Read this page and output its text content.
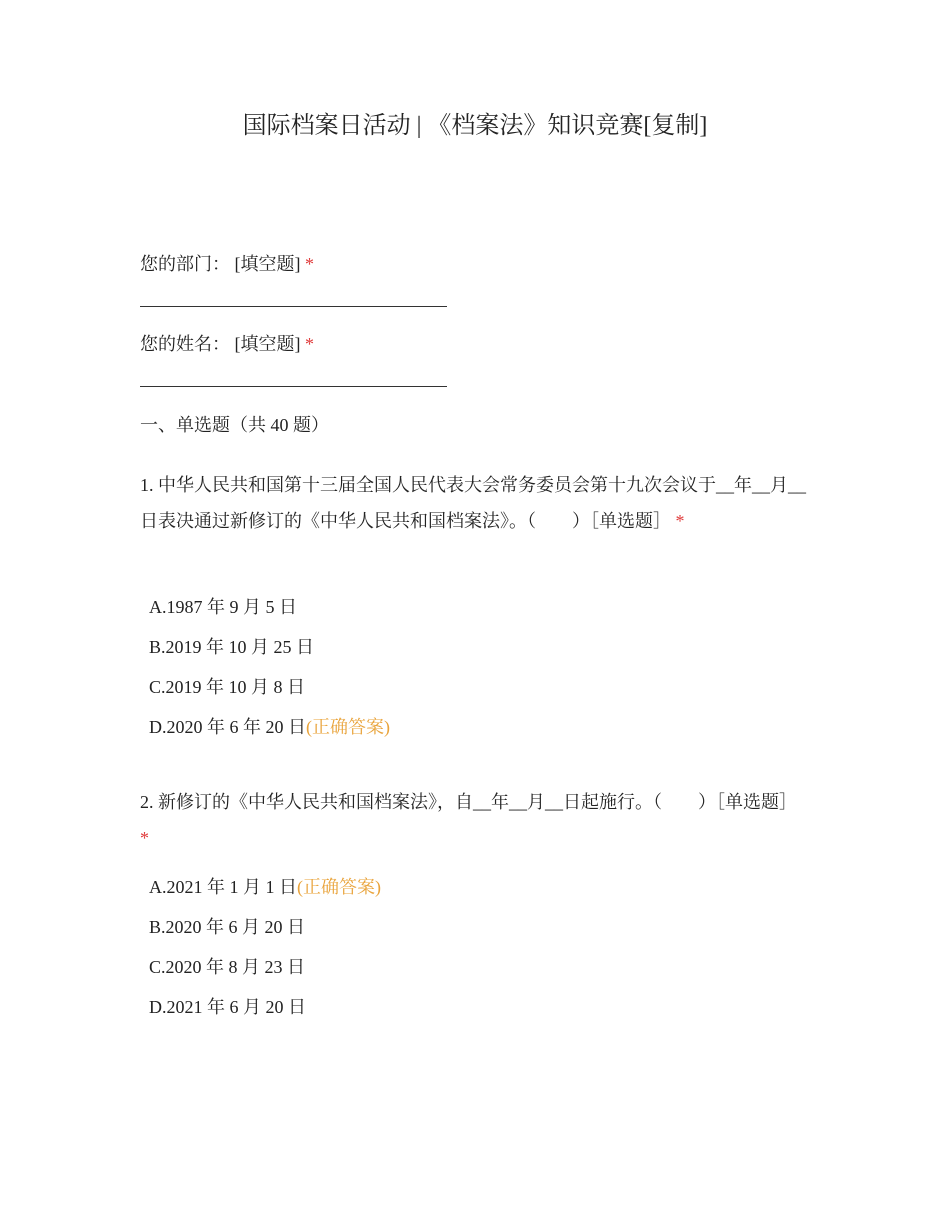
国际档案日活动 | 《档案法》知识竞赛[复制]
您的部门： [填空题] *
您的姓名： [填空题] *
一、单选题（共 40 题）
1. 中华人民共和国第十三届全国人民代表大会常务委员会第十九次会议于__年__月__日表决通过新修订的《中华人民共和国档案法》。（　　）［单选题］ *
A.1987 年 9 月 5 日
B.2019 年 10 月 25 日
C.2019 年 10 月 8 日
D.2020 年 6 年 20 日(正确答案)
2. 新修订的《中华人民共和国档案法》，自__年__月__日起施行。（　　）［单选题］ *
A.2021 年 1 月 1 日(正确答案)
B.2020 年 6 月 20 日
C.2020 年 8 月 23 日
D.2021 年 6 月 20 日
